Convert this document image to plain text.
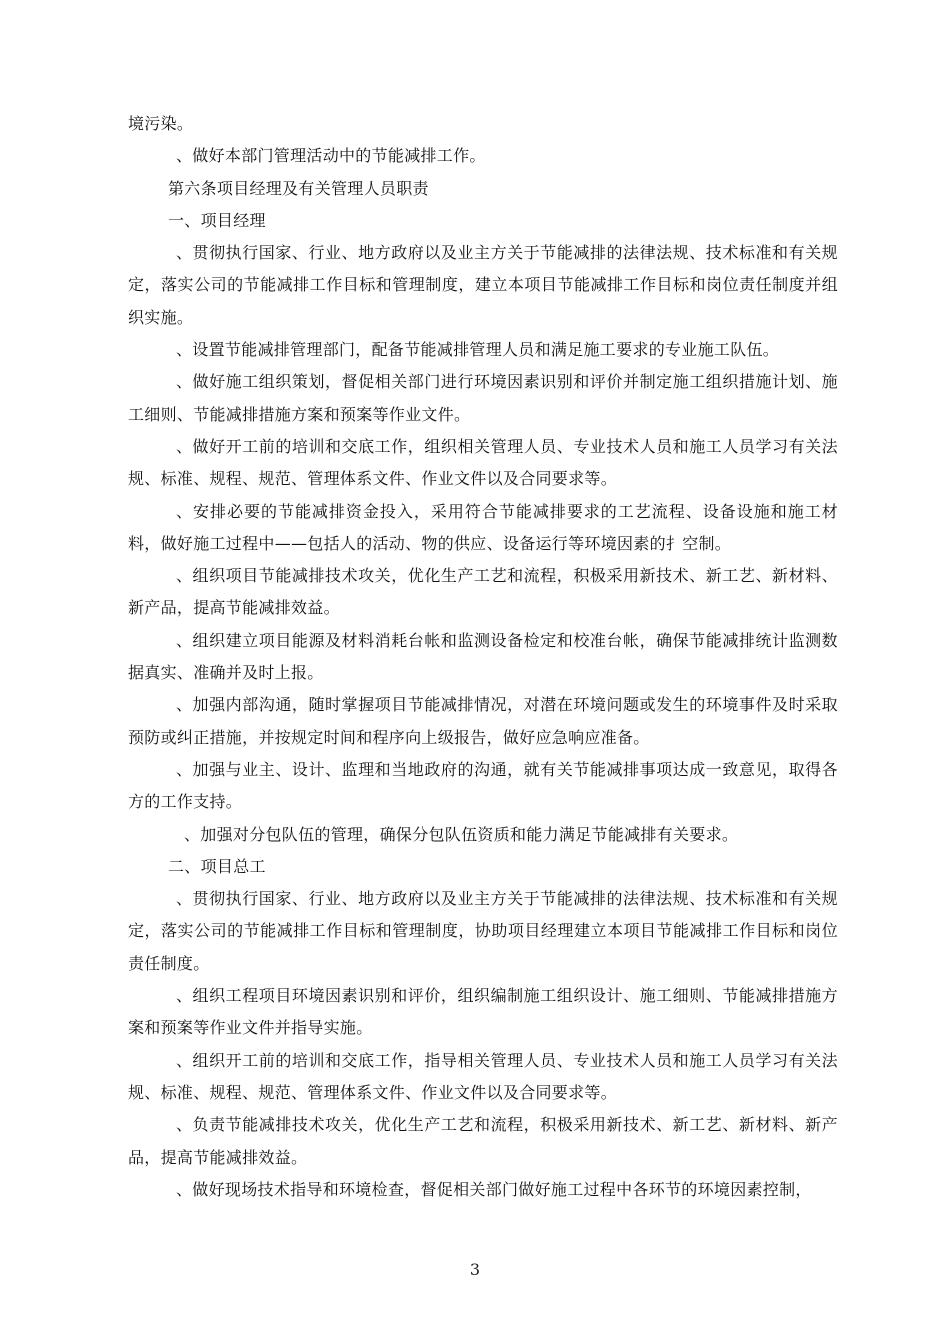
境污染。

、做好本部门管理活动中的节能减排工作。

第六条项目经理及有关管理人员职责

一、项目经理

、贯彻执行国家、行业、地方政府以及业主方关于节能减排的法律法规、技术标准和有关规定，落实公司的节能减排工作目标和管理制度，建立本项目节能减排工作目标和岗位责任制度并组织实施。

、设置节能减排管理部门，配备节能减排管理人员和满足施工要求的专业施工队伍。

、做好施工组织策划，督促相关部门进行环境因素识别和评价并制定施工组织措施计划、施工细则、节能减排措施方案和预案等作业文件。

、做好开工前的培训和交底工作，组织相关管理人员、专业技术人员和施工人员学习有关法规、标准、规程、规范、管理体系文件、作业文件以及合同要求等。

、安排必要的节能减排资金投入，采用符合节能减排要求的工艺流程、设备设施和施工材料，做好施工过程中——包括人的活动、物的供应、设备运行等环境因素的扌空制。

、组织项目节能减排技术攻关，优化生产工艺和流程，积极采用新技术、新工艺、新材料、新产品，提高节能减排效益。

、组织建立项目能源及材料消耗台帐和监测设备检定和校准台帐，确保节能减排统计监测数据真实、准确并及时上报。

、加强内部沟通，随时掌握项目节能减排情况，对潜在环境问题或发生的环境事件及时采取预防或纠正措施，并按规定时间和程序向上级报告，做好应急响应准备。

、加强与业主、设计、监理和当地政府的沟通，就有关节能减排事项达成一致意见，取得各方的工作支持。

、加强对分包队伍的管理，确保分包队伍资质和能力满足节能减排有关要求。

二、项目总工

、贯彻执行国家、行业、地方政府以及业主方关于节能减排的法律法规、技术标准和有关规定，落实公司的节能减排工作目标和管理制度，协助项目经理建立本项目节能减排工作目标和岗位责任制度。

、组织工程项目环境因素识别和评价，组织编制施工组织设计、施工细则、节能减排措施方案和预案等作业文件并指导实施。

、组织开工前的培训和交底工作，指导相关管理人员、专业技术人员和施工人员学习有关法规、标准、规程、规范、管理体系文件、作业文件以及合同要求等。

、负责节能减排技术攻关，优化生产工艺和流程，积极采用新技术、新工艺、新材料、新产品，提高节能减排效益。

、做好现场技术指导和环境检查，督促相关部门做好施工过程中各环节的环境因素控制，

3
